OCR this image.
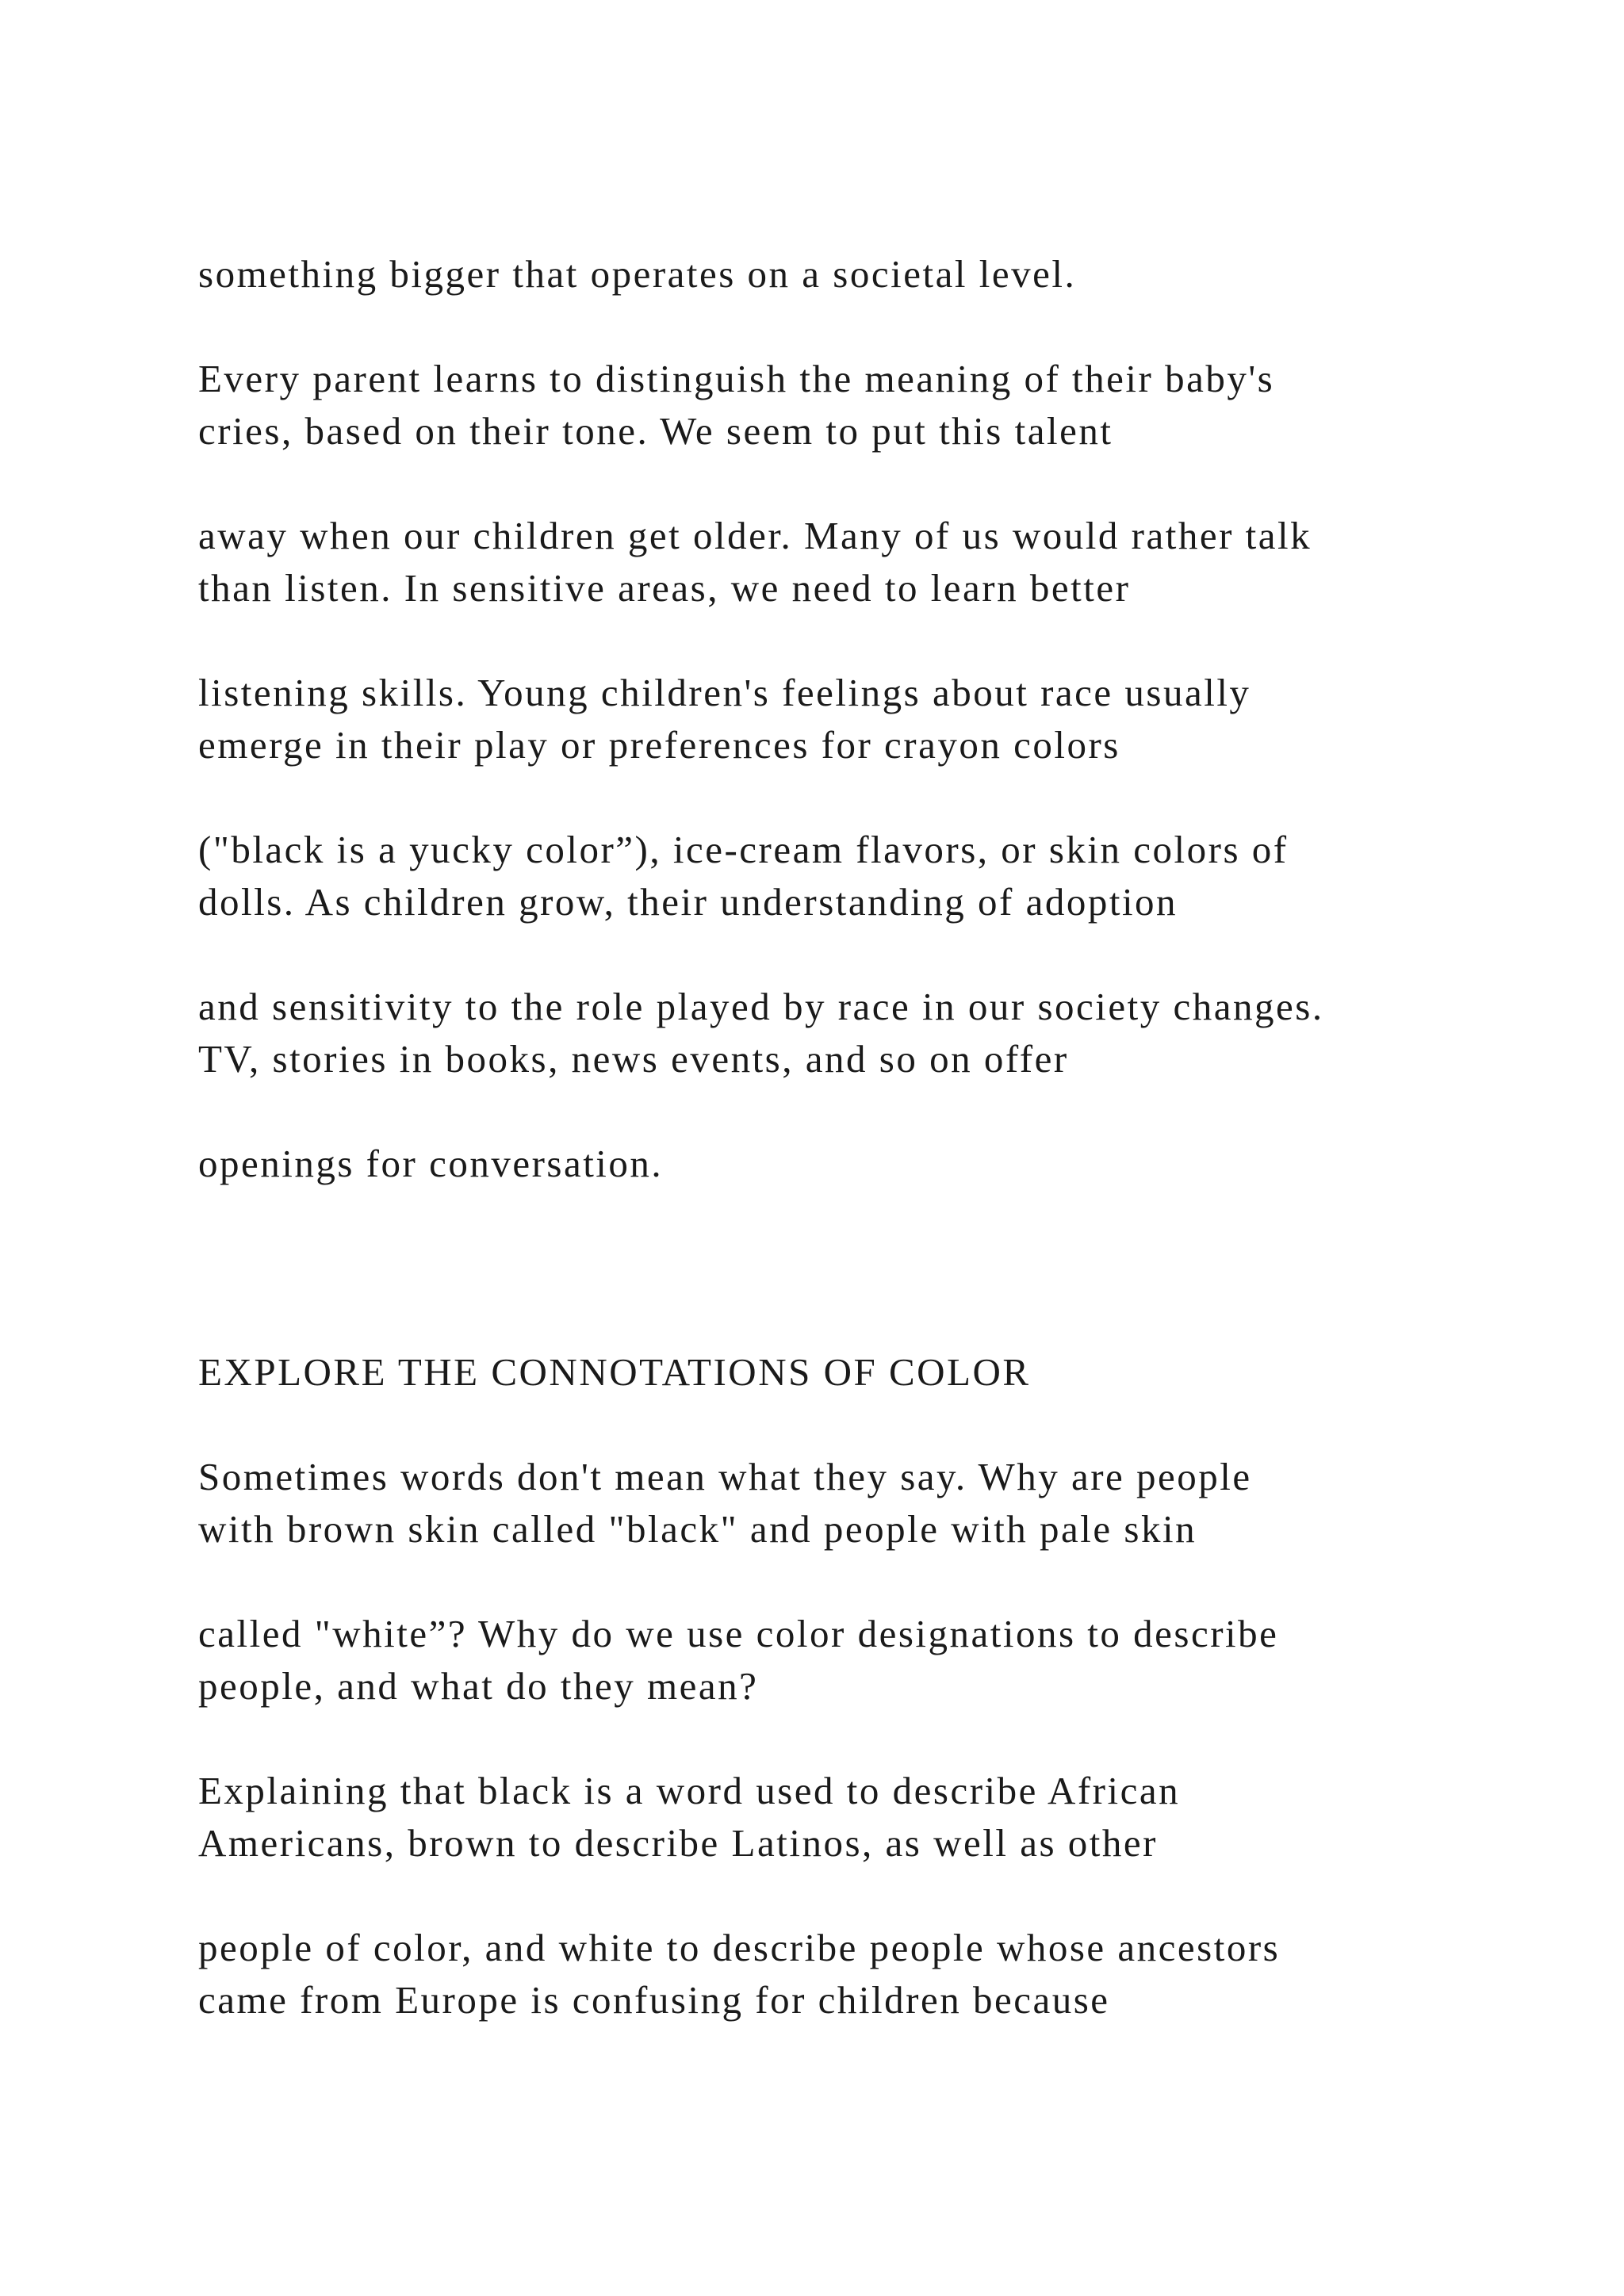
something bigger that operates on a societal level.

Every parent learns to distinguish the meaning of their baby's

cries, based on their tone. We seem to put this talent

away when our children get older. Many of us would rather talk

than listen. In sensitive areas, we need to learn better

listening skills. Young children's feelings about race usually

emerge in their play or preferences for crayon colors

("black is a yucky color”), ice-cream flavors, or skin colors of

dolls. As children grow, their understanding of adoption

and sensitivity to the role played by race in our society changes.

TV, stories in books, news events, and so on offer

openings for conversation.

EXPLORE THE CONNOTATIONS OF COLOR

Sometimes words don't mean what they say. Why are people

with brown skin called "black" and people with pale skin

called "white”? Why do we use color designations to describe

people, and what do they mean?

Explaining that black is a word used to describe African

Americans, brown to describe Latinos, as well as other

people of color, and white to describe people whose ancestors

came from Europe is confusing for children because
